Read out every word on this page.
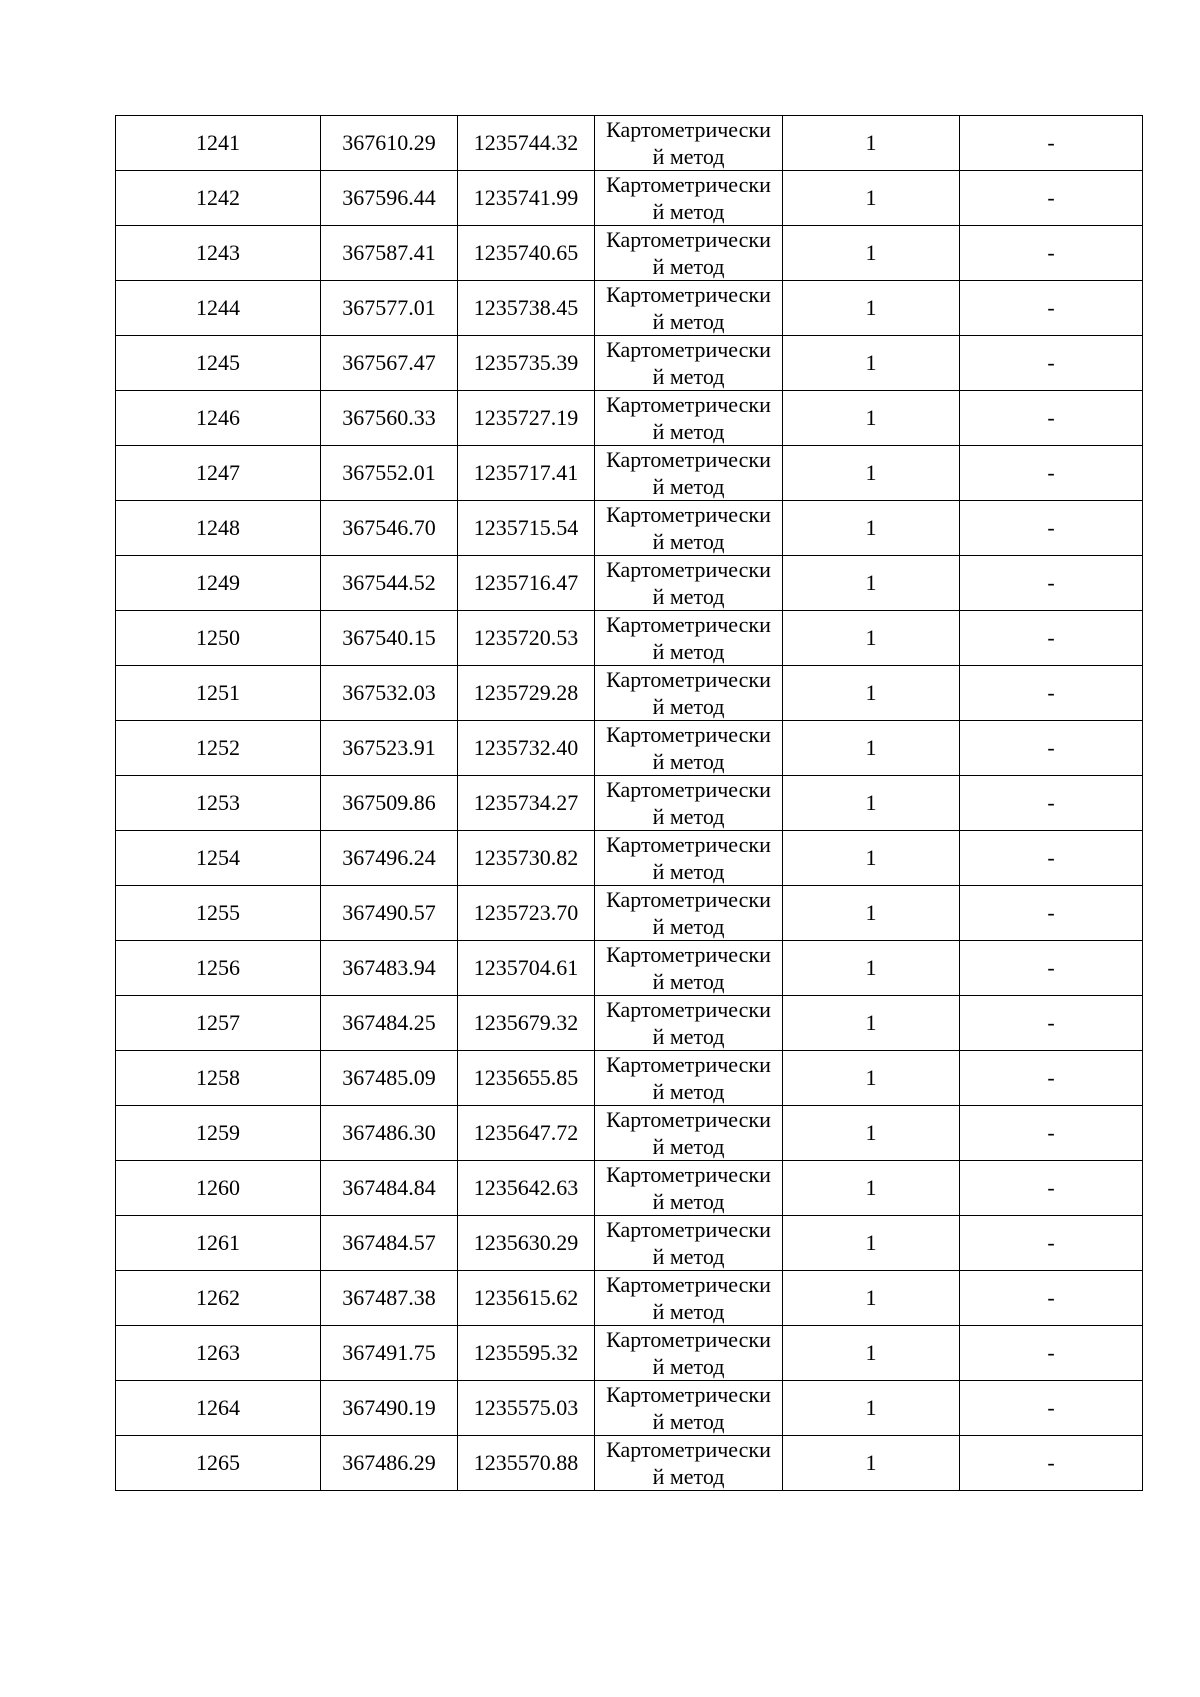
1241	367610.29	1235744.32	Картометрически й метод	1	-
1242	367596.44	1235741.99	Картометрически й метод	1	-
1243	367587.41	1235740.65	Картометрически й метод	1	-
1244	367577.01	1235738.45	Картометрически й метод	1	-
1245	367567.47	1235735.39	Картометрически й метод	1	-
1246	367560.33	1235727.19	Картометрически й метод	1	-
1247	367552.01	1235717.41	Картометрически й метод	1	-
1248	367546.70	1235715.54	Картометрически й метод	1	-
1249	367544.52	1235716.47	Картометрически й метод	1	-
1250	367540.15	1235720.53	Картометрически й метод	1	-
1251	367532.03	1235729.28	Картометрически й метод	1	-
1252	367523.91	1235732.40	Картометрически й метод	1	-
1253	367509.86	1235734.27	Картометрически й метод	1	-
1254	367496.24	1235730.82	Картометрически й метод	1	-
1255	367490.57	1235723.70	Картометрически й метод	1	-
1256	367483.94	1235704.61	Картометрически й метод	1	-
1257	367484.25	1235679.32	Картометрически й метод	1	-
1258	367485.09	1235655.85	Картометрически й метод	1	-
1259	367486.30	1235647.72	Картометрически й метод	1	-
1260	367484.84	1235642.63	Картометрически й метод	1	-
1261	367484.57	1235630.29	Картометрически й метод	1	-
1262	367487.38	1235615.62	Картометрически й метод	1	-
1263	367491.75	1235595.32	Картометрически й метод	1	-
1264	367490.19	1235575.03	Картометрически й метод	1	-
1265	367486.29	1235570.88	Картометрически й метод	1	-
